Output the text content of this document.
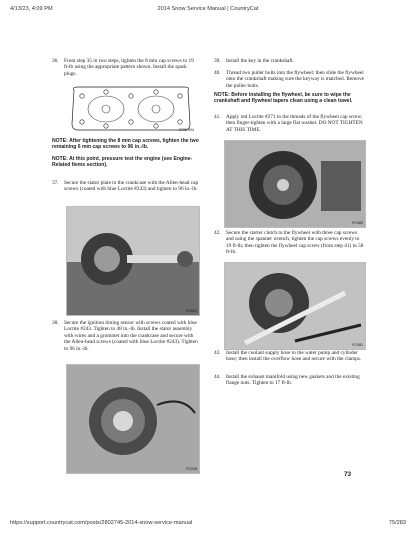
4/13/23, 4:09 PM	2014 Snow Service Manual | CountryCat
36. From step 35 in two steps, tighten the 8 mm cap screws to 19 ft-lb using the appropriate pattern shown. Install the spark plugs.
0736-004
NOTE: After tightening the 8 mm cap screws, tighten the two remaining 6 mm cap screws to 96 in.-lb.
NOTE: At this point, pressure test the engine (see Engine-Related Items section).
37. Secure the stator plate to the crankcase with the Allen-head cap screws (coated with blue Loctite #243) and tighten to 96 in.-lb.
FC021
38. Secure the ignition timing sensor with screws coated with blue Loctite #243. Tighten to 48 in.-lb. Install the stator assembly with wires and a grommet into the crankcase and secure with the Allen-head screws (coated with blue Loctite #243). Tighten to 96 in.-lb.
FC018
39. Install the key in the crankshaft.
40. Thread two puller bolts into the flywheel; then slide the flywheel onto the crankshaft making sure the keyway is matched. Remove the puller bolts.
NOTE: Before installing the flywheel, be sure to wipe the crankshaft and flywheel tapers clean using a clean towel.
41. Apply red Loctite #271 to the threads of the flywheel cap screw; then finger-tighten with a large flat washer. DO NOT TIGHTEN AT THIS TIME.
FC080
42. Secure the starter clutch to the flywheel with three cap screws and using the spanner wrench, tighten the cap screws evenly to 19 ft-lb; then tighten the flywheel cap screw (from step 41) to 58 ft-lb.
FC081
43. Install the coolant supply hose to the water pump and cylinder hose; then install the overflow hose and secure with the clamps.
44. Install the exhaust manifold using new gaskets and the existing flange nuts. Tighten to 17 ft-lb.
73
https://support.countrycat.com/posts/2802745-2014-snow-service-manual	75/283
